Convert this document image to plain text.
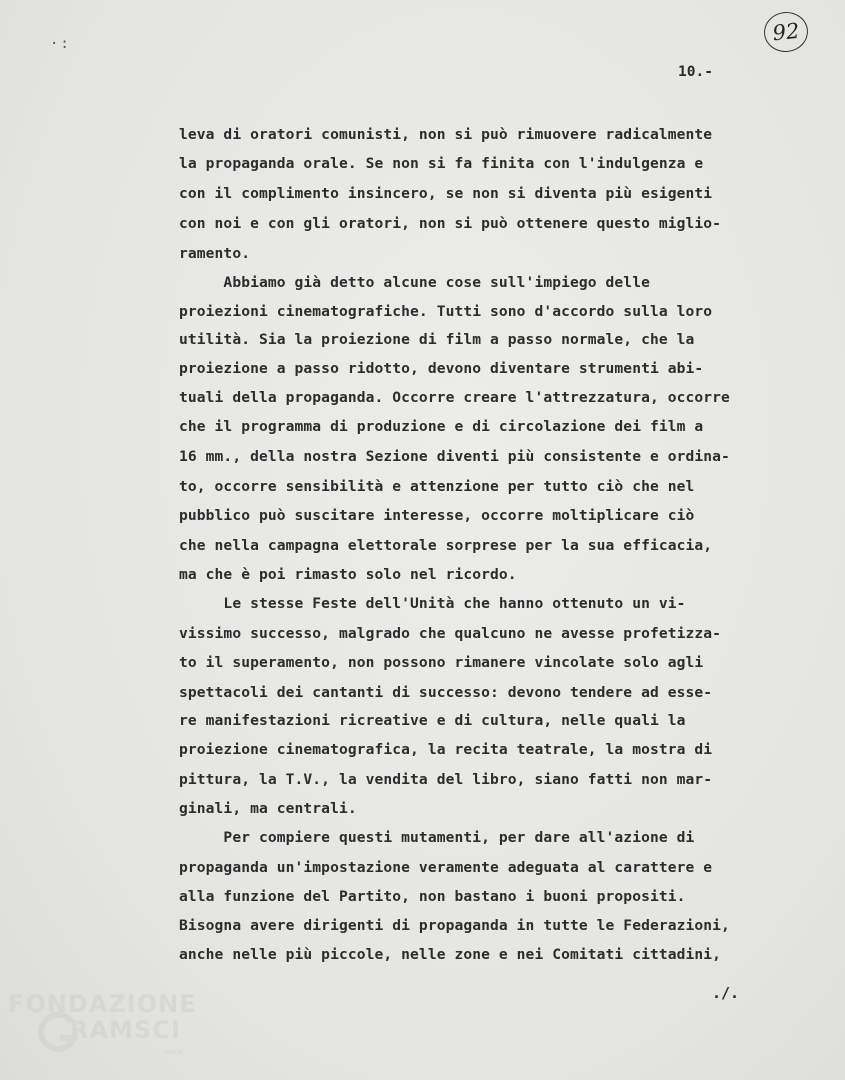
·:	92
10.-
leva di oratori comunisti, non si può rimuovere radicalmente
la propaganda orale. Se non si fa finita con l'indulgenza e
con il complimento insincero, se non si diventa più esigenti
con noi e con gli oratori, non si può ottenere questo miglio-
ramento.
Abbiamo già detto alcune cose sull'impiego delle
proiezioni cinematografiche. Tutti sono d'accordo sulla loro
utilità. Sia la proiezione di film a passo normale, che la
proiezione a passo ridotto, devono diventare strumenti abi-
tuali della propaganda. Occorre creare l'attrezzatura, occorre
che il programma di produzione e di circolazione dei film a
16 mm., della nostra Sezione diventi più consistente e ordina-
to, occorre sensibilità e attenzione per tutto ciò che nel
pubblico può suscitare interesse, occorre moltiplicare ciò
che nella campagna elettorale sorprese per la sua efficacia,
ma che è poi rimasto solo nel ricordo.
Le stesse Feste dell'Unità che hanno ottenuto un vi-
vissimo successo, malgrado che qualcuno ne avesse profetizza-
to il superamento, non possono rimanere vincolate solo agli
spettacoli dei cantanti di successo: devono tendere ad esse-
re manifestazioni ricreative e di cultura, nelle quali la
proiezione cinematografica, la recita teatrale, la mostra di
pittura, la T.V., la vendita del libro, siano fatti non mar-
ginali, ma centrali.
Per compiere questi mutamenti, per dare all'azione di
propaganda un'impostazione veramente adeguata al carattere e
alla funzione del Partito, non bastano i buoni propositi.
Bisogna avere dirigenti di propaganda in tutte le Federazioni,
anche nelle più piccole, nelle zone e nei Comitati cittadini,
./.
FONDAZIONE
RAMSCI
onlus
